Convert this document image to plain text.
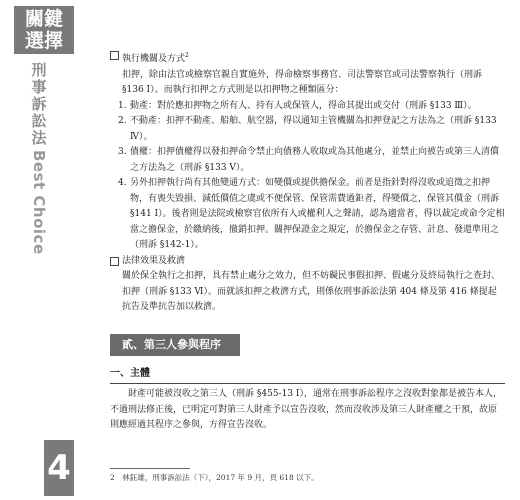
關鍵
選擇
刑事訴訟法
Best Choice
4
執行機關及方式$^2$

扣押，除由法官或檢察官親自實施外，得命檢察事務官、司法警察官或司法警察執行（刑訴 §136 Ⅰ）。而執行扣押之方式則是以扣押物之種類區分：

1. 動產：對於應扣押物之所有人、持有人或保管人，得命其提出或交付（刑訴 §133 Ⅲ）。
2. 不動產：扣押不動產、船舶、航空器，得以通知主管機關為扣押登記之方法為之（刑訴 §133 Ⅳ）。
3. 債權：扣押債權得以發扣押命令禁止向債務人收取或為其他處分，並禁止向被告或第三人清償之方法為之（刑訴 §133 Ⅴ）。
4. 另外扣押執行尚有其他變通方式：如變價或提供擔保金。前者是指針對得沒收或追徵之扣押物，有喪失毀損、減低價值之虞或不便保管、保管需費過鉅者，得變價之，保管其價金（刑訴 §141 Ⅰ）。後者則是法院或檢察官依所有人或權利人之聲請，認為適當者，得以裁定或命令定相當之擔保金，於繳納後，撤銷扣押。關押保證金之規定，於擔保金之存管、計息、發還準用之（刑訴 §142-1）。
法律效果及救濟

關於保全執行之扣押，具有禁止處分之效力，但不妨礙民事假扣押、假處分及終局執行之查封、扣押（刑訴 §133 Ⅵ）。而就該扣押之救濟方式，則係依刑事訴訟法第 404 條及第 416 條提起抗告及準抗告加以救濟。

貳、第三人參與程序
一、主體

財產可能被沒收之第三人（刑訴 §455-13 Ⅰ），通常在刑事訴訟程序之沒收對象都是被告本人，不過刑法修正後，已明定可對第三人財產予以宣告沒收，然而沒收涉及第三人財產權之干預，故原則應經過其程序之參與，方得宣告沒收。

2　林鈺雄，刑事訴訟法（下），2017 年 9 月，頁 618 以下。
